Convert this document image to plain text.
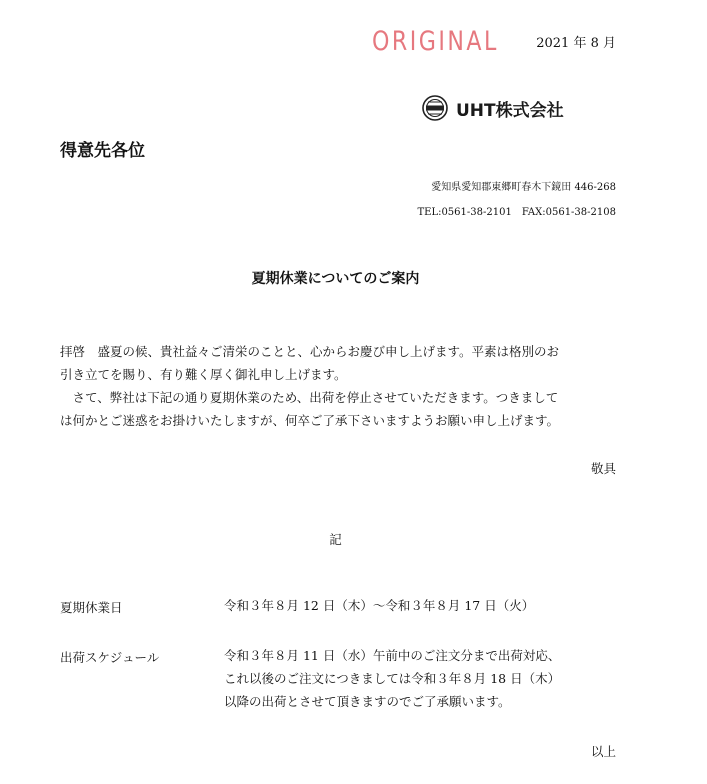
ORIGINAL	2021 年 8 月
UHT株式会社
得意先各位
愛知県愛知郡東郷町春木下鏡田 446-268
TEL:0561-38-2101　FAX:0561-38-2108
夏期休業についてのご案内

拝啓　盛夏の候、貴社益々ご清栄のことと、心からお慶び申し上げます。平素は格別のお

引き立てを賜り、有り難く厚く御礼申し上げます。

　さて、弊社は下記の通り夏期休業のため、出荷を停止させていただきます。つきまして

は何かとご迷惑をお掛けいたしますが、何卒ご了承下さいますようお願い申し上げます。

敬具
記
夏期休業日	令和３年８月 12 日（木）～令和３年８月 17 日（火）
出荷スケジュール	令和３年８月 11 日（水）午前中のご注文分まで出荷対応、
これ以後のご注文につきましては令和３年８月 18 日（木）
以降の出荷とさせて頂きますのでご了承願います。
以上
